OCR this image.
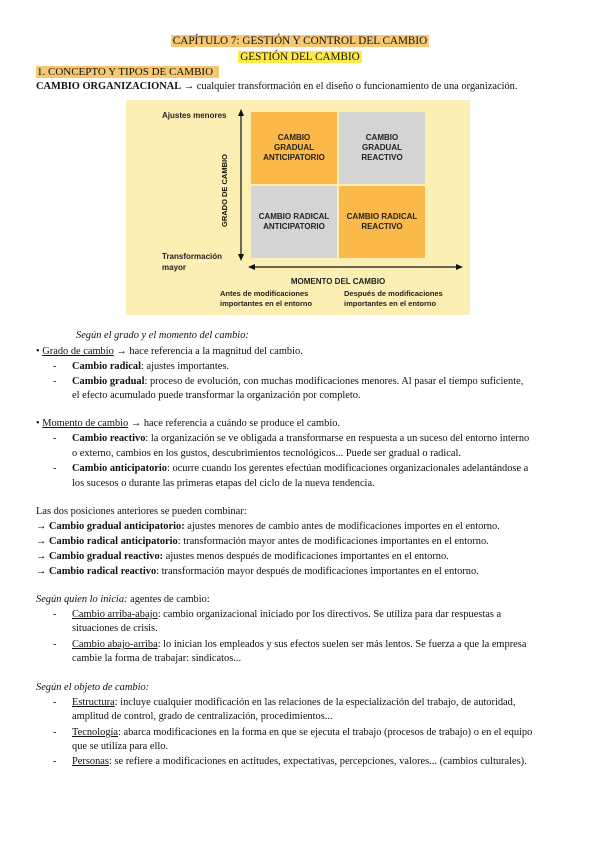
CAPÍTULO 7: GESTIÓN Y CONTROL DEL CAMBIO
GESTIÓN DEL CAMBIO
1. CONCEPTO Y TIPOS DE CAMBIO
CAMBIO ORGANIZACIONAL → cualquier transformación en el diseño o funcionamiento de una organización.
Ajustes menores
Transformación
mayor
GRADO DE CAMBIO
CAMBIO
GRADUAL
ANTICIPATORIO
CAMBIO
GRADUAL
REACTIVO
CAMBIO RADICAL
ANTICIPATORIO
CAMBIO RADICAL
REACTIVO
MOMENTO DEL CAMBIO
Antes de modificaciones
importantes en el entorno
Después de modificaciones
importantes en el entorno
Según el grado y el momento del cambio:
• Grado de cambio → hace referencia a la magnitud del cambio.
- Cambio radical: ajustes importantes.
- Cambio gradual: proceso de evolución, con muchas modificaciones menores. Al pasar el tiempo suficiente,
el efecto acumulado puede transformar la organización por completo.
• Momento de cambio → hace referencia a cuándo se produce el cambio.
- Cambio reactivo: la organización se ve obligada a transformarse en respuesta a un suceso del entorno interno
o externo, cambios en los gustos, descubrimientos tecnológicos... Puede ser gradual o radical.
- Cambio anticipatorio: ocurre cuando los gerentes efectúan modificaciones organizacionales adelantándose a
los sucesos o durante las primeras etapas del ciclo de la nueva tendencia.
Las dos posiciones anteriores se pueden combinar:
→ Cambio gradual anticipatorio: ajustes menores de cambio antes de modificaciones importes en el entorno.
→ Cambio radical anticipatorio: transformación mayor antes de modificaciones importantes en el entorno.
→ Cambio gradual reactivo: ajustes menos después de modificaciones importantes en el entorno.
→ Cambio radical reactivo: transformación mayor después de modificaciones importantes en el entorno.
Según quien lo inicia: agentes de cambio:
- Cambio arriba-abajo: cambio organizacional iniciado por los directivos. Se utiliza para dar respuestas a
situaciones de crisis.
- Cambio abajo-arriba: lo inician los empleados y sus efectos suelen ser más lentos. Se fuerza a que la empresa
cambie la forma de trabajar: sindicatos...
Según el objeto de cambio:
- Estructura: incluye cualquier modificación en las relaciones de la especialización del trabajo, de autoridad,
amplitud de control, grado de centralización, procedimientos...
- Tecnología: abarca modificaciones en la forma en que se ejecuta el trabajo (procesos de trabajo) o en el equipo
que se utiliza para ello.
- Personas: se refiere a modificaciones en actitudes, expectativas, percepciones, valores... (cambios culturales).
